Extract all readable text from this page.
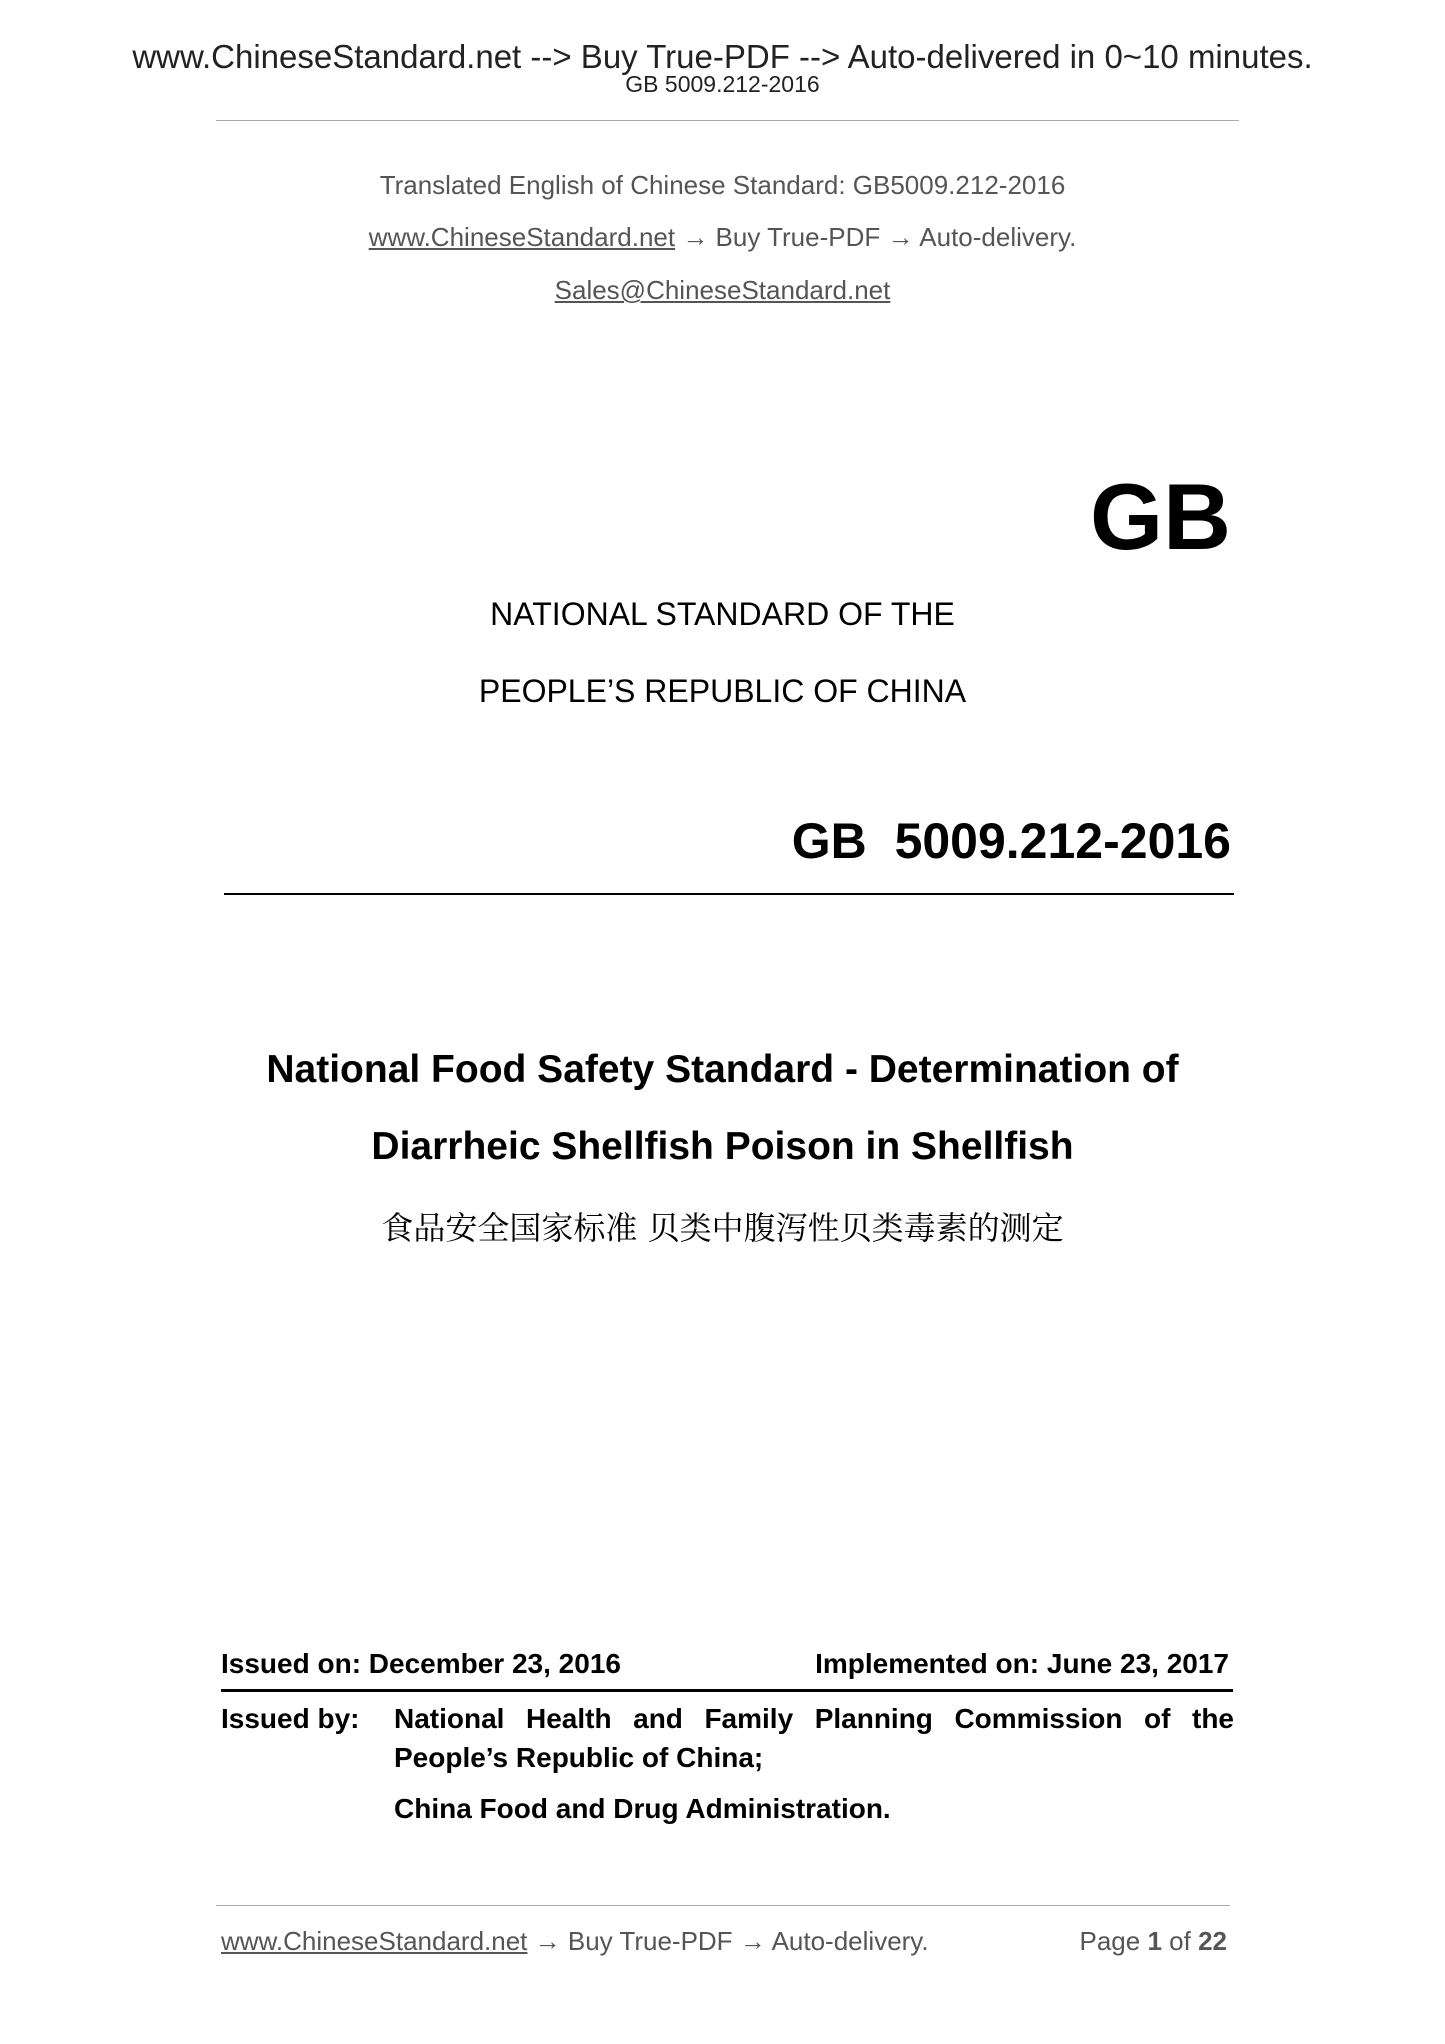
www.ChineseStandard.net --> Buy True-PDF --> Auto-delivered in 0~10 minutes.
GB 5009.212-2016
Translated English of Chinese Standard: GB5009.212-2016
www.ChineseStandard.net → Buy True-PDF → Auto-delivery.
Sales@ChineseStandard.net
GB
NATIONAL STANDARD OF THE
PEOPLE’S REPUBLIC OF CHINA
GB  5009.212-2016
National Food Safety Standard - Determination of
Diarrheic Shellfish Poison in Shellfish
食品安全国家标准 贝类中腹泻性贝类毒素的测定
Issued on: December 23, 2016	Implemented on: June 23, 2017
Issued by: National Health and Family Planning Commission of the
People’s Republic of China;
China Food and Drug Administration.
www.ChineseStandard.net → Buy True-PDF → Auto-delivery.	Page 1 of 22
